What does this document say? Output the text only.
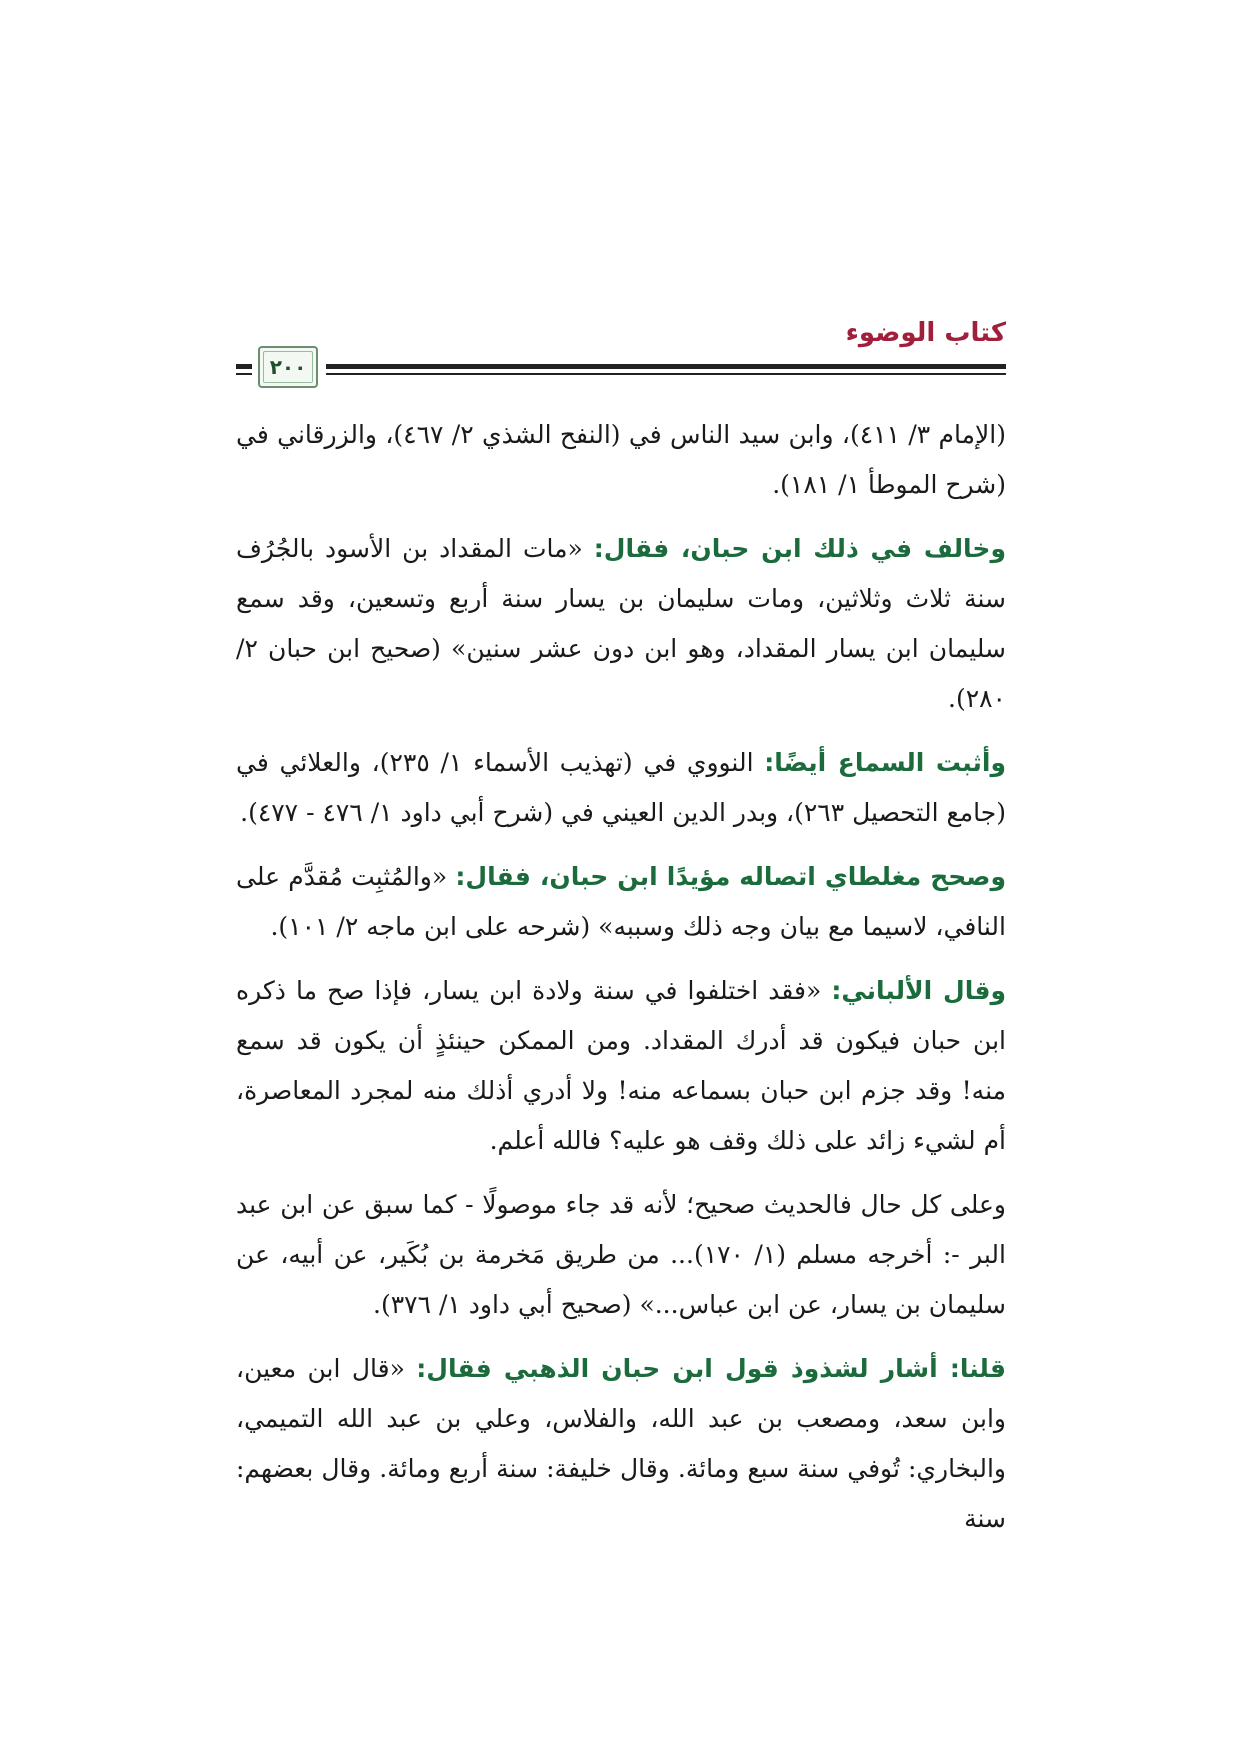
كتاب الوضوء
٢٠٠

(الإمام ٣/ ٤١١)، وابن سيد الناس في (النفح الشذي ٢/ ٤٦٧)، والزرقاني في (شرح الموطأ ١/ ١٨١).

وخالف في ذلك ابن حبان، فقال: «مات المقداد بن الأسود بالجُرُف سنة ثلاث وثلاثين، ومات سليمان بن يسار سنة أربع وتسعين، وقد سمع سليمان ابن يسار المقداد، وهو ابن دون عشر سنين» (صحيح ابن حبان ٢/ ٢٨٠).

وأثبت السماع أيضًا: النووي في (تهذيب الأسماء ١/ ٢٣٥)، والعلائي في (جامع التحصيل ٢٦٣)، وبدر الدين العيني في (شرح أبي داود ١/ ٤٧٦ - ٤٧٧).

وصحح مغلطاي اتصاله مؤيدًا ابن حبان، فقال: «والمُثبِت مُقدَّم على النافي، لاسيما مع بيان وجه ذلك وسببه» (شرحه على ابن ماجه ٢/ ١٠١).

وقال الألباني: «فقد اختلفوا في سنة ولادة ابن يسار، فإذا صح ما ذكره ابن حبان فيكون قد أدرك المقداد. ومن الممكن حينئذٍ أن يكون قد سمع منه! وقد جزم ابن حبان بسماعه منه! ولا أدري أذلك منه لمجرد المعاصرة، أم لشيء زائد على ذلك وقف هو عليه؟ فالله أعلم.

وعلى كل حال فالحديث صحيح؛ لأنه قد جاء موصولًا - كما سبق عن ابن عبد البر -: أخرجه مسلم (١/ ١٧٠)... من طريق مَخرمة بن بُكَير، عن أبيه، عن سليمان بن يسار، عن ابن عباس...» (صحيح أبي داود ١/ ٣٧٦).

قلنا: أشار لشذوذ قول ابن حبان الذهبي فقال: «قال ابن معين، وابن سعد، ومصعب بن عبد الله، والفلاس، وعلي بن عبد الله التميمي، والبخاري: تُوفي سنة سبع ومائة. وقال خليفة: سنة أربع ومائة. وقال بعضهم: سنة
